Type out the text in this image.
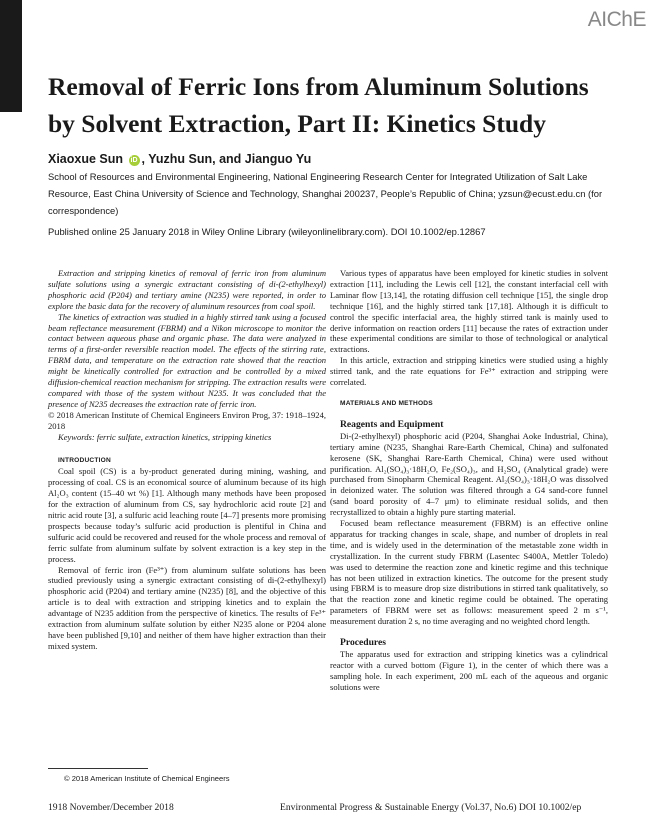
AIChE
Removal of Ferric Ions from Aluminum Solutions by Solvent Extraction, Part II: Kinetics Study
Xiaoxue Sun iD , Yuzhu Sun, and Jianguo Yu
School of Resources and Environmental Engineering, National Engineering Research Center for Integrated Utilization of Salt Lake Resource, East China University of Science and Technology, Shanghai 200237, People’s Republic of China; yzsun@ecust.edu.cn (for correspondence)
Published online 25 January 2018 in Wiley Online Library (wileyonlinelibrary.com). DOI 10.1002/ep.12867

Extraction and stripping kinetics of removal of ferric iron from aluminum sulfate solutions using a synergic extractant consisting of di-(2-ethylhexyl) phosphoric acid (P204) and tertiary amine (N235) were reported, in order to explore the basic data for the recovery of aluminum resources from coal spoil.

The kinetics of extraction was studied in a highly stirred tank using a focused beam reflectance measurement (FBRM) and a Nikon microscope to monitor the contact between aqueous phase and organic phase. The data were analyzed in terms of a first-order reversible reaction model. The effects of the stirring rate, FBRM data, and temperature on the extraction rate showed that the reaction might be kinetically controlled for extraction and be controlled by a mixed diffusion-chemical reaction mechanism for stripping. The extraction results were compared with those of the system without N235. It was concluded that the presence of N235 decreases the extraction rate of ferric iron.

© 2018 American Institute of Chemical Engineers Environ Prog, 37: 1918–1924, 2018

Keywords: ferric sulfate, extraction kinetics, stripping kinetics

INTRODUCTION

Coal spoil (CS) is a by-product generated during mining, washing, and processing of coal. CS is an economical source of aluminum because of its high Al₂O₃ content (15–40 wt %) [1]. Although many methods have been proposed for the extraction of aluminum from CS, say hydrochloric acid route [2] and nitric acid route [3], a sulfuric acid leaching route [4–7] presents more promising prospects because today’s sulfuric acid production is plentiful in China and sulfuric acid could be recovered and reused for the whole process and removal of ferric sulfate from aluminum sulfate by solvent extraction is a key step in the process.

Removal of ferric iron (Fe³⁺) from aluminum sulfate solutions has been studied previously using a synergic extractant consisting of di-(2-ethylhexyl) phosphoric acid (P204) and tertiary amine (N235) [8], and the objective of this article is to deal with extraction and stripping kinetics and to explain the advantage of N235 addition from the perspective of kinetics. The results of Fe³⁺ extraction from aluminum sulfate solution by either N235 alone or P204 alone have been published [9,10] and neither of them have higher extraction than their mixed system.

Various types of apparatus have been employed for kinetic studies in solvent extraction [11], including the Lewis cell [12], the constant interfacial cell with Laminar flow [13,14], the rotating diffusion cell technique [15], the single drop technique [16], and the highly stirred tank [17,18]. Although it is difficult to control the specific interfacial area, the highly stirred tank is mainly used to derive information on reaction orders [11] because the rates of extraction under these experimental conditions are similar to those of technological or analytical extractions.

In this article, extraction and stripping kinetics were studied using a highly stirred tank, and the rate equations for Fe³⁺ extraction and stripping were correlated.

MATERIALS AND METHODS

Reagents and Equipment

Di-(2-ethylhexyl) phosphoric acid (P204, Shanghai Aoke Industrial, China), tertiary amine (N235, Shanghai Rare-Earth Chemical, China) and sulfonated kerosene (SK, Shanghai Rare-Earth Chemical, China) were used without purification. Al₂(SO₄)₃·18H₂O, Fe₂(SO₄)₃, and H₂SO₄ (Analytical grade) were purchased from Sinopharm Chemical Reagent. Al₂(SO₄)₃·18H₂O was dissolved in deionized water. The solution was filtered through a G4 sand-core funnel (sand board porosity of 4–7 μm) to eliminate residual solids, and then recrystallized to obtain a highly pure starting material.

Focused beam reflectance measurement (FBRM) is an effective online apparatus for tracking changes in scale, shape, and number of droplets in real time, and is widely used in the determination of the metastable zone width in crystallization. In the current study FBRM (Lasentec S400A, Mettler Toledo) was used to determine the reaction zone and kinetic regime and this technique has not been utilized in extraction kinetics. The outcome for the present study using FBRM is to measure drop size distributions in stirred tank qualitatively, so that the reaction zone and kinetic regime could be obtained. The operating parameters of FBRM were set as follows: measurement speed 2 m s⁻¹, measurement duration 2 s, no time averaging and no weighted chord length.

Procedures

The apparatus used for extraction and stripping kinetics was a cylindrical reactor with a curved bottom (Figure 1), in the center of which there was a sampling hole. In each experiment, 200 mL each of the aqueous and organic solutions were

© 2018 American Institute of Chemical Engineers
1918 November/December 2018	Environmental Progress & Sustainable Energy (Vol.37, No.6) DOI 10.1002/ep
